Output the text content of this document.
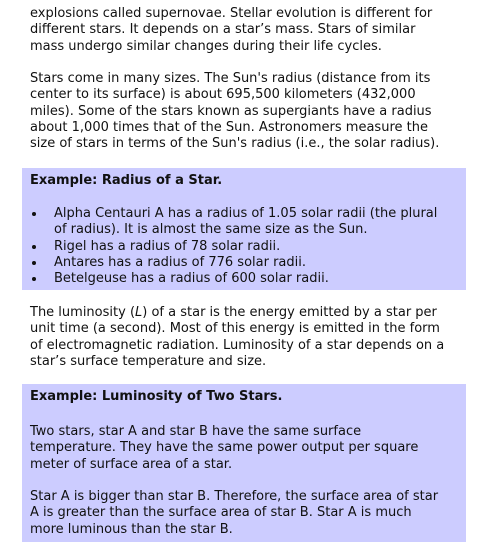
explosions called supernovae. Stellar evolution is different for
different stars. It depends on a star’s mass. Stars of similar
mass undergo similar changes during their life cycles.

Stars come in many sizes. The Sun's radius (distance from its
center to its surface) is about 695,500 kilometers (432,000
miles). Some of the stars known as supergiants have a radius
about 1,000 times that of the Sun. Astronomers measure the
size of stars in terms of the Sun's radius (i.e., the solar radius).

Example: Radius of a Star.

Alpha Centauri A has a radius of 1.05 solar radii (the plural
of radius). It is almost the same size as the Sun.
Rigel has a radius of 78 solar radii.
Antares has a radius of 776 solar radii.
Betelgeuse has a radius of 600 solar radii.

The luminosity (L) of a star is the energy emitted by a star per
unit time (a second). Most of this energy is emitted in the form
of electromagnetic radiation. Luminosity of a star depends on a
star’s surface temperature and size.

Example: Luminosity of Two Stars.

Two stars, star A and star B have the same surface
temperature. They have the same power output per square
meter of surface area of a star.

Star A is bigger than star B. Therefore, the surface area of star
A is greater than the surface area of star B. Star A is much
more luminous than the star B.
